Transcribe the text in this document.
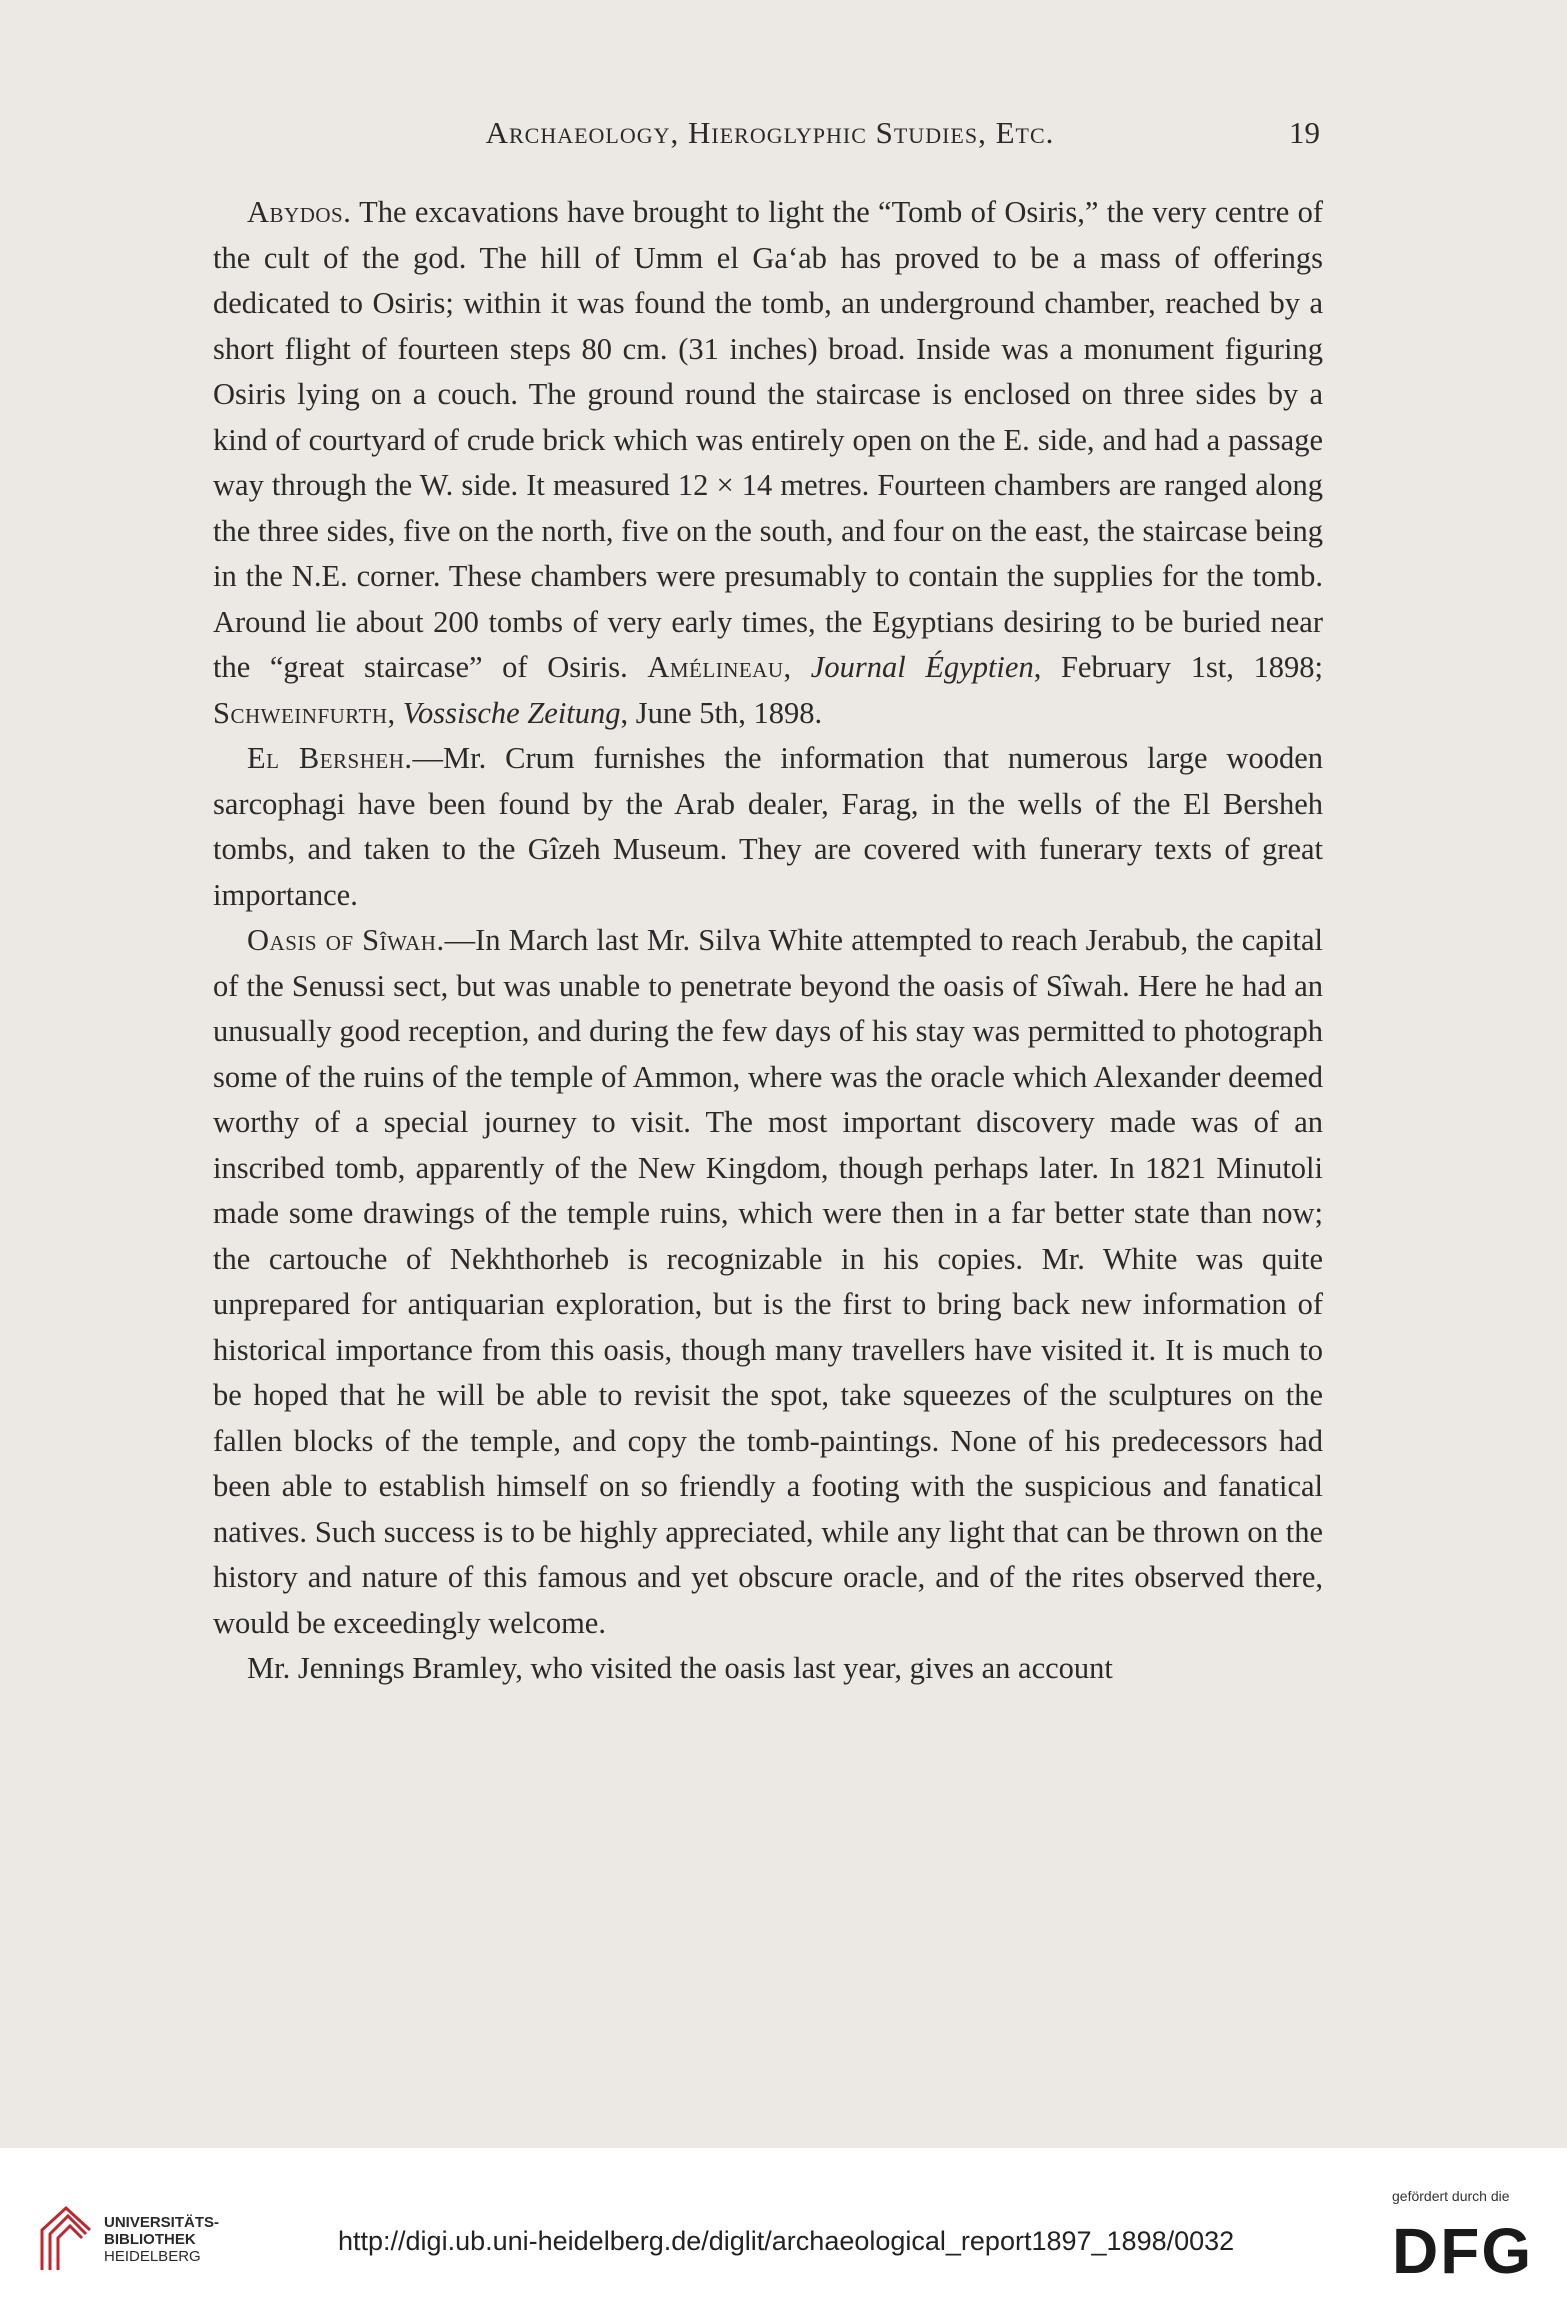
Archaeology, Hieroglyphic Studies, Etc.	19

Abydos. The excavations have brought to light the “Tomb of Osiris,” the very centre of the cult of the god. The hill of Umm el Ga‘ab has proved to be a mass of offerings dedicated to Osiris; within it was found the tomb, an underground chamber, reached by a short flight of fourteen steps 80 cm. (31 inches) broad. Inside was a monument figuring Osiris lying on a couch. The ground round the staircase is enclosed on three sides by a kind of courtyard of crude brick which was entirely open on the E. side, and had a passage way through the W. side. It measured 12 × 14 metres. Fourteen chambers are ranged along the three sides, five on the north, five on the south, and four on the east, the staircase being in the N.E. corner. These chambers were presumably to contain the supplies for the tomb. Around lie about 200 tombs of very early times, the Egyptians desiring to be buried near the “great staircase” of Osiris. Amélineau, Journal Égyptien, February 1st, 1898; Schweinfurth, Vossische Zeitung, June 5th, 1898.

El Bersheh.—Mr. Crum furnishes the information that numerous large wooden sarcophagi have been found by the Arab dealer, Farag, in the wells of the El Bersheh tombs, and taken to the Gîzeh Museum. They are covered with funerary texts of great importance.

Oasis of Sîwah.—In March last Mr. Silva White attempted to reach Jerabub, the capital of the Senussi sect, but was unable to penetrate beyond the oasis of Sîwah. Here he had an unusually good reception, and during the few days of his stay was permitted to photograph some of the ruins of the temple of Ammon, where was the oracle which Alexander deemed worthy of a special journey to visit. The most important discovery made was of an inscribed tomb, apparently of the New Kingdom, though perhaps later. In 1821 Minutoli made some drawings of the temple ruins, which were then in a far better state than now; the cartouche of Nekhthorheb is recognizable in his copies. Mr. White was quite unprepared for antiquarian exploration, but is the first to bring back new information of historical importance from this oasis, though many travellers have visited it. It is much to be hoped that he will be able to revisit the spot, take squeezes of the sculptures on the fallen blocks of the temple, and copy the tomb-paintings. None of his predecessors had been able to establish himself on so friendly a footing with the suspicious and fanatical natives. Such success is to be highly appreciated, while any light that can be thrown on the history and nature of this famous and yet obscure oracle, and of the rites observed there, would be exceedingly welcome.

Mr. Jennings Bramley, who visited the oasis last year, gives an account

UNIVERSITÄTS-
BIBLIOTHEK
HEIDELBERG
http://digi.ub.uni-heidelberg.de/diglit/archaeological_report1897_1898/0032
gefördert durch die
DFG
